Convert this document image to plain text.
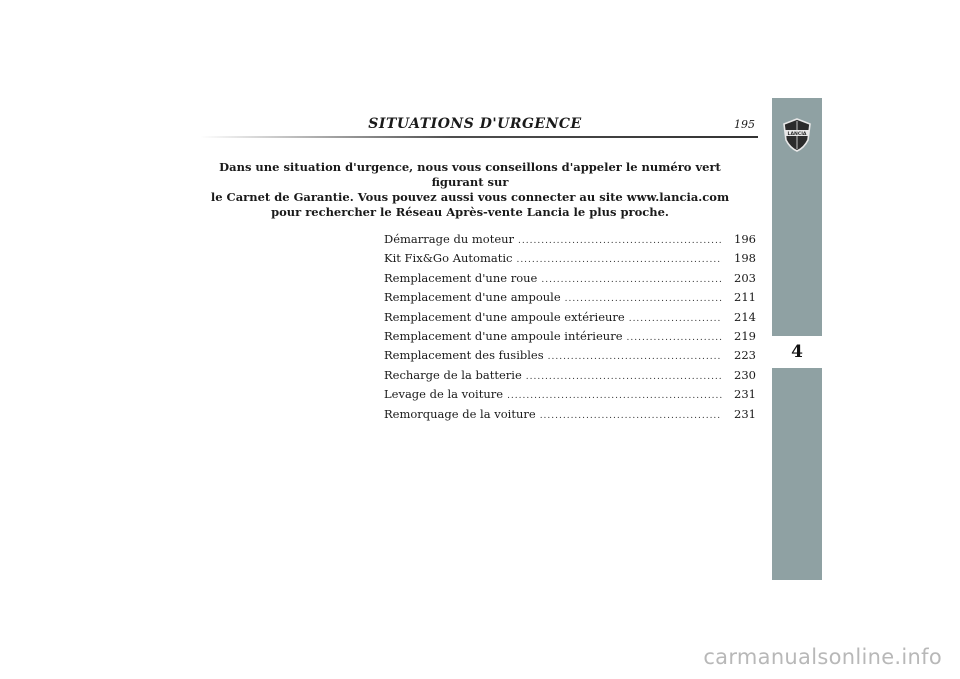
SITUATIONS D'URGENCE	195
Dans une situation d'urgence, nous vous conseillons d'appeler le numéro vert figurant sur
le Carnet de Garantie. Vous pouvez aussi vous connecter au site www.lancia.com
pour rechercher le Réseau Après-vente Lancia le plus proche.
Démarrage du moteur .....	196
Kit Fix&Go Automatic .....	198
Remplacement d'une roue .....	203
Remplacement d'une ampoule .....	211
Remplacement d'une ampoule extérieure .....	214
Remplacement d'une ampoule intérieure .....	219
Remplacement des fusibles .....	223
Recharge de la batterie .....	230
Levage de la voiture .....	231
Remorquage de la voiture .....	231
LANCIA
4
carmanualsonline.info
